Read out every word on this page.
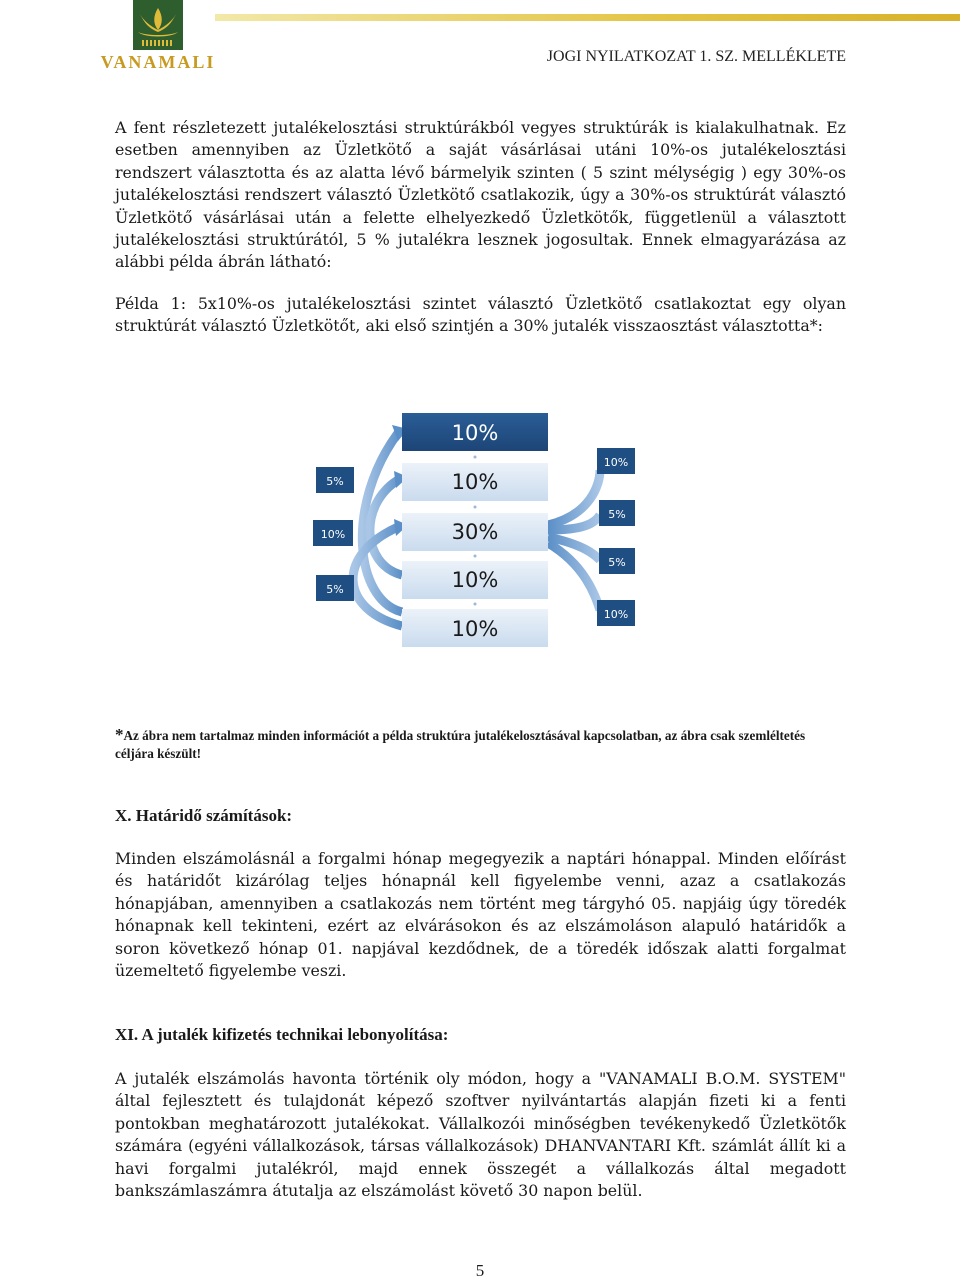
VANAMALI	JOGI NYILATKOZAT 1. SZ. MELLÉKLETE

A fent részletezett jutalékelosztási struktúrákból vegyes struktúrák is kialakulhatnak. Ez esetben amennyiben az Üzletkötő a saját vásárlásai utáni 10%-os jutalékelosztási rendszert választotta és az alatta lévő bármelyik szinten ( 5 szint mélységig ) egy 30%-os jutalékelosztási rendszert választó Üzletkötő csatlakozik, úgy a 30%-os struktúrát választó Üzletkötő vásárlásai után a felette elhelyezkedő Üzletkötők, függetlenül a választott jutalékelosztási struktúrától, 5 % jutalékra lesznek jogosultak. Ennek elmagyarázása az alábbi példa ábrán látható:

Példa 1: 5x10%-os jutalékelosztási szintet választó Üzletkötő csatlakoztat egy olyan struktúrát választó Üzletkötőt, aki első szintjén a 30% jutalék visszaosztást választotta*:

10%
10%
30%
10%
10%
5%
10%
5%
10%
5%
5%
10%
*Az ábra nem tartalmaz minden információt a példa struktúra jutalékelosztásával kapcsolatban, az ábra csak szemléltetés céljára készült!
X. Határidő számítások:

Minden elszámolásnál a forgalmi hónap megegyezik a naptári hónappal. Minden előírást és határidőt kizárólag teljes hónapnál kell figyelembe venni, azaz a csatlakozás hónapjában, amennyiben a csatlakozás nem történt meg tárgyhó 05. napjáig úgy töredék hónapnak kell tekinteni, ezért az elvárásokon és az elszámoláson alapuló határidők a soron következő hónap 01. napjával kezdődnek, de a töredék időszak alatti forgalmat üzemeltető figyelembe veszi.

XI. A jutalék kifizetés technikai lebonyolítása:

A jutalék elszámolás havonta történik oly módon, hogy a "VANAMALI B.O.M. SYSTEM" által fejlesztett és tulajdonát képező szoftver nyilvántartás alapján fizeti ki a fenti pontokban meghatározott jutalékokat. Vállalkozói minőségben tevékenykedő Üzletkötők számára (egyéni vállalkozások, társas vállalkozások) DHANVANTARI Kft. számlát állít ki a havi forgalmi jutalékról, majd ennek összegét a vállalkozás által megadott bankszámlaszámra átutalja az elszámolást követő 30 napon belül.

5
